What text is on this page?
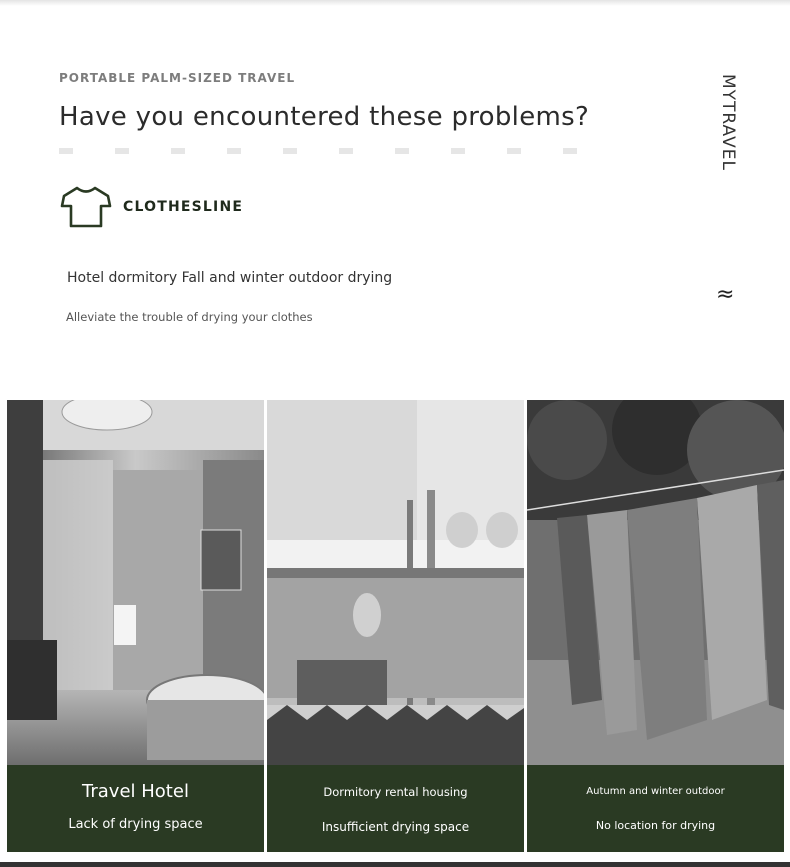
PORTABLE PALM-SIZED TRAVEL
Have you encountered these problems?	MYTRAVEL
CLOTHESLINE
Hotel dormitory Fall and winter outdoor drying
Alleviate the trouble of drying your clothes
≈
Travel Hotel
Lack of drying space
Dormitory rental housing
Insufficient drying space
Autumn and winter outdoor
No location for drying
